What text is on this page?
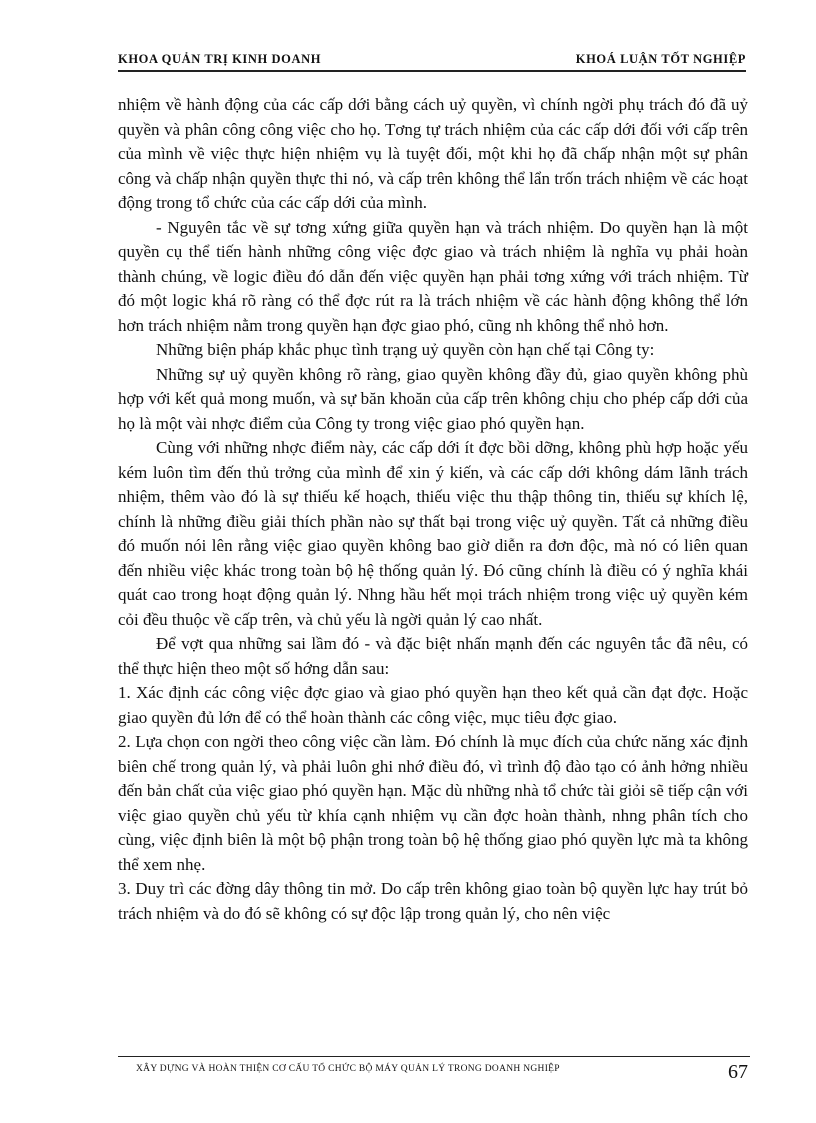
KHOA QUẢN TRỊ KINH DOANH	KHOÁ LUẬN TỐT NGHIỆP

nhiệm về hành động của các cấp dới bằng cách uỷ quyền, vì chính ngời phụ trách đó đã uỷ quyền và phân công công việc cho họ. Tơng tự trách nhiệm của các cấp dới đối với cấp trên của mình về việc thực hiện nhiệm vụ là tuyệt đối, một khi họ đã chấp nhận một sự phân công và chấp nhận quyền thực thi nó, và cấp trên không thể lẩn trốn trách nhiệm về các hoạt động trong tổ chức của các cấp dới của mình.

- Nguyên tắc về sự tơng xứng giữa quyền hạn và trách nhiệm. Do quyền hạn là một quyền cụ thể tiến hành những công việc đợc giao và trách nhiệm là nghĩa vụ phải hoàn thành chúng, về logic điều đó dẫn đến việc quyền hạn phải tơng xứng với trách nhiệm. Từ đó một logic khá rõ ràng có thể đợc rút ra là trách nhiệm về các hành động không thể lớn hơn trách nhiệm nằm trong quyền hạn đợc giao phó, cũng nh không thể nhỏ hơn.

Những biện pháp khắc phục tình trạng uỷ quyền còn hạn chế tại Công ty:

Những sự uỷ quyền không rõ ràng, giao quyền không đầy đủ, giao quyền không phù hợp với kết quả mong muốn, và sự băn khoăn của cấp trên không chịu cho phép cấp dới của họ là một vài nhợc điểm của Công ty trong việc giao phó quyền hạn.

Cùng với những nhợc điểm này, các cấp dới ít đợc bồi dỡng, không phù hợp hoặc yếu kém luôn tìm đến thủ trởng của mình để xin ý kiến, và các cấp dới không dám lãnh trách nhiệm, thêm vào đó là sự thiếu kế hoạch, thiếu việc thu thập thông tin, thiếu sự khích lệ, chính là những điều giải thích phần nào sự thất bại trong việc uỷ quyền. Tất cả những điều đó muốn nói lên rằng việc giao quyền không bao giờ diễn ra đơn độc, mà nó có liên quan đến nhiều việc khác trong toàn bộ hệ thống quản lý. Đó cũng chính là điều có ý nghĩa khái quát cao trong hoạt động quản lý. Nhng hầu hết mọi trách nhiệm trong việc uỷ quyền kém cỏi đều thuộc về cấp trên, và chủ yếu là ngời quản lý cao nhất.

Để vợt qua những sai lầm đó - và đặc biệt nhấn mạnh đến các nguyên tắc đã nêu, có thể thực hiện theo một số hớng dẫn sau:

1. Xác định các công việc đợc giao và giao phó quyền hạn theo kết quả cần đạt đợc. Hoặc giao quyền đủ lớn để có thể hoàn thành các công việc, mục tiêu đợc giao.

2. Lựa chọn con ngời theo công việc cần làm. Đó chính là mục đích của chức năng xác định biên chế trong quản lý, và phải luôn ghi nhớ điều đó, vì trình độ đào tạo có ảnh hởng nhiều đến bản chất của việc giao phó quyền hạn. Mặc dù những nhà tổ chức tài giỏi sẽ tiếp cận với việc giao quyền chủ yếu từ khía cạnh nhiệm vụ cần đợc hoàn thành, nhng phân tích cho cùng, việc định biên là một bộ phận trong toàn bộ hệ thống giao phó quyền lực mà ta không thể xem nhẹ.

3. Duy trì các đờng dây thông tin mở. Do cấp trên không giao toàn bộ quyền lực hay trút bỏ trách nhiệm và do đó sẽ không có sự độc lập trong quản lý, cho nên việc

XÂY DỰNG VÀ HOÀN THIỆN CƠ CẤU TỔ CHỨC BỘ MÁY QUẢN LÝ TRONG DOANH NGHIỆP	67
